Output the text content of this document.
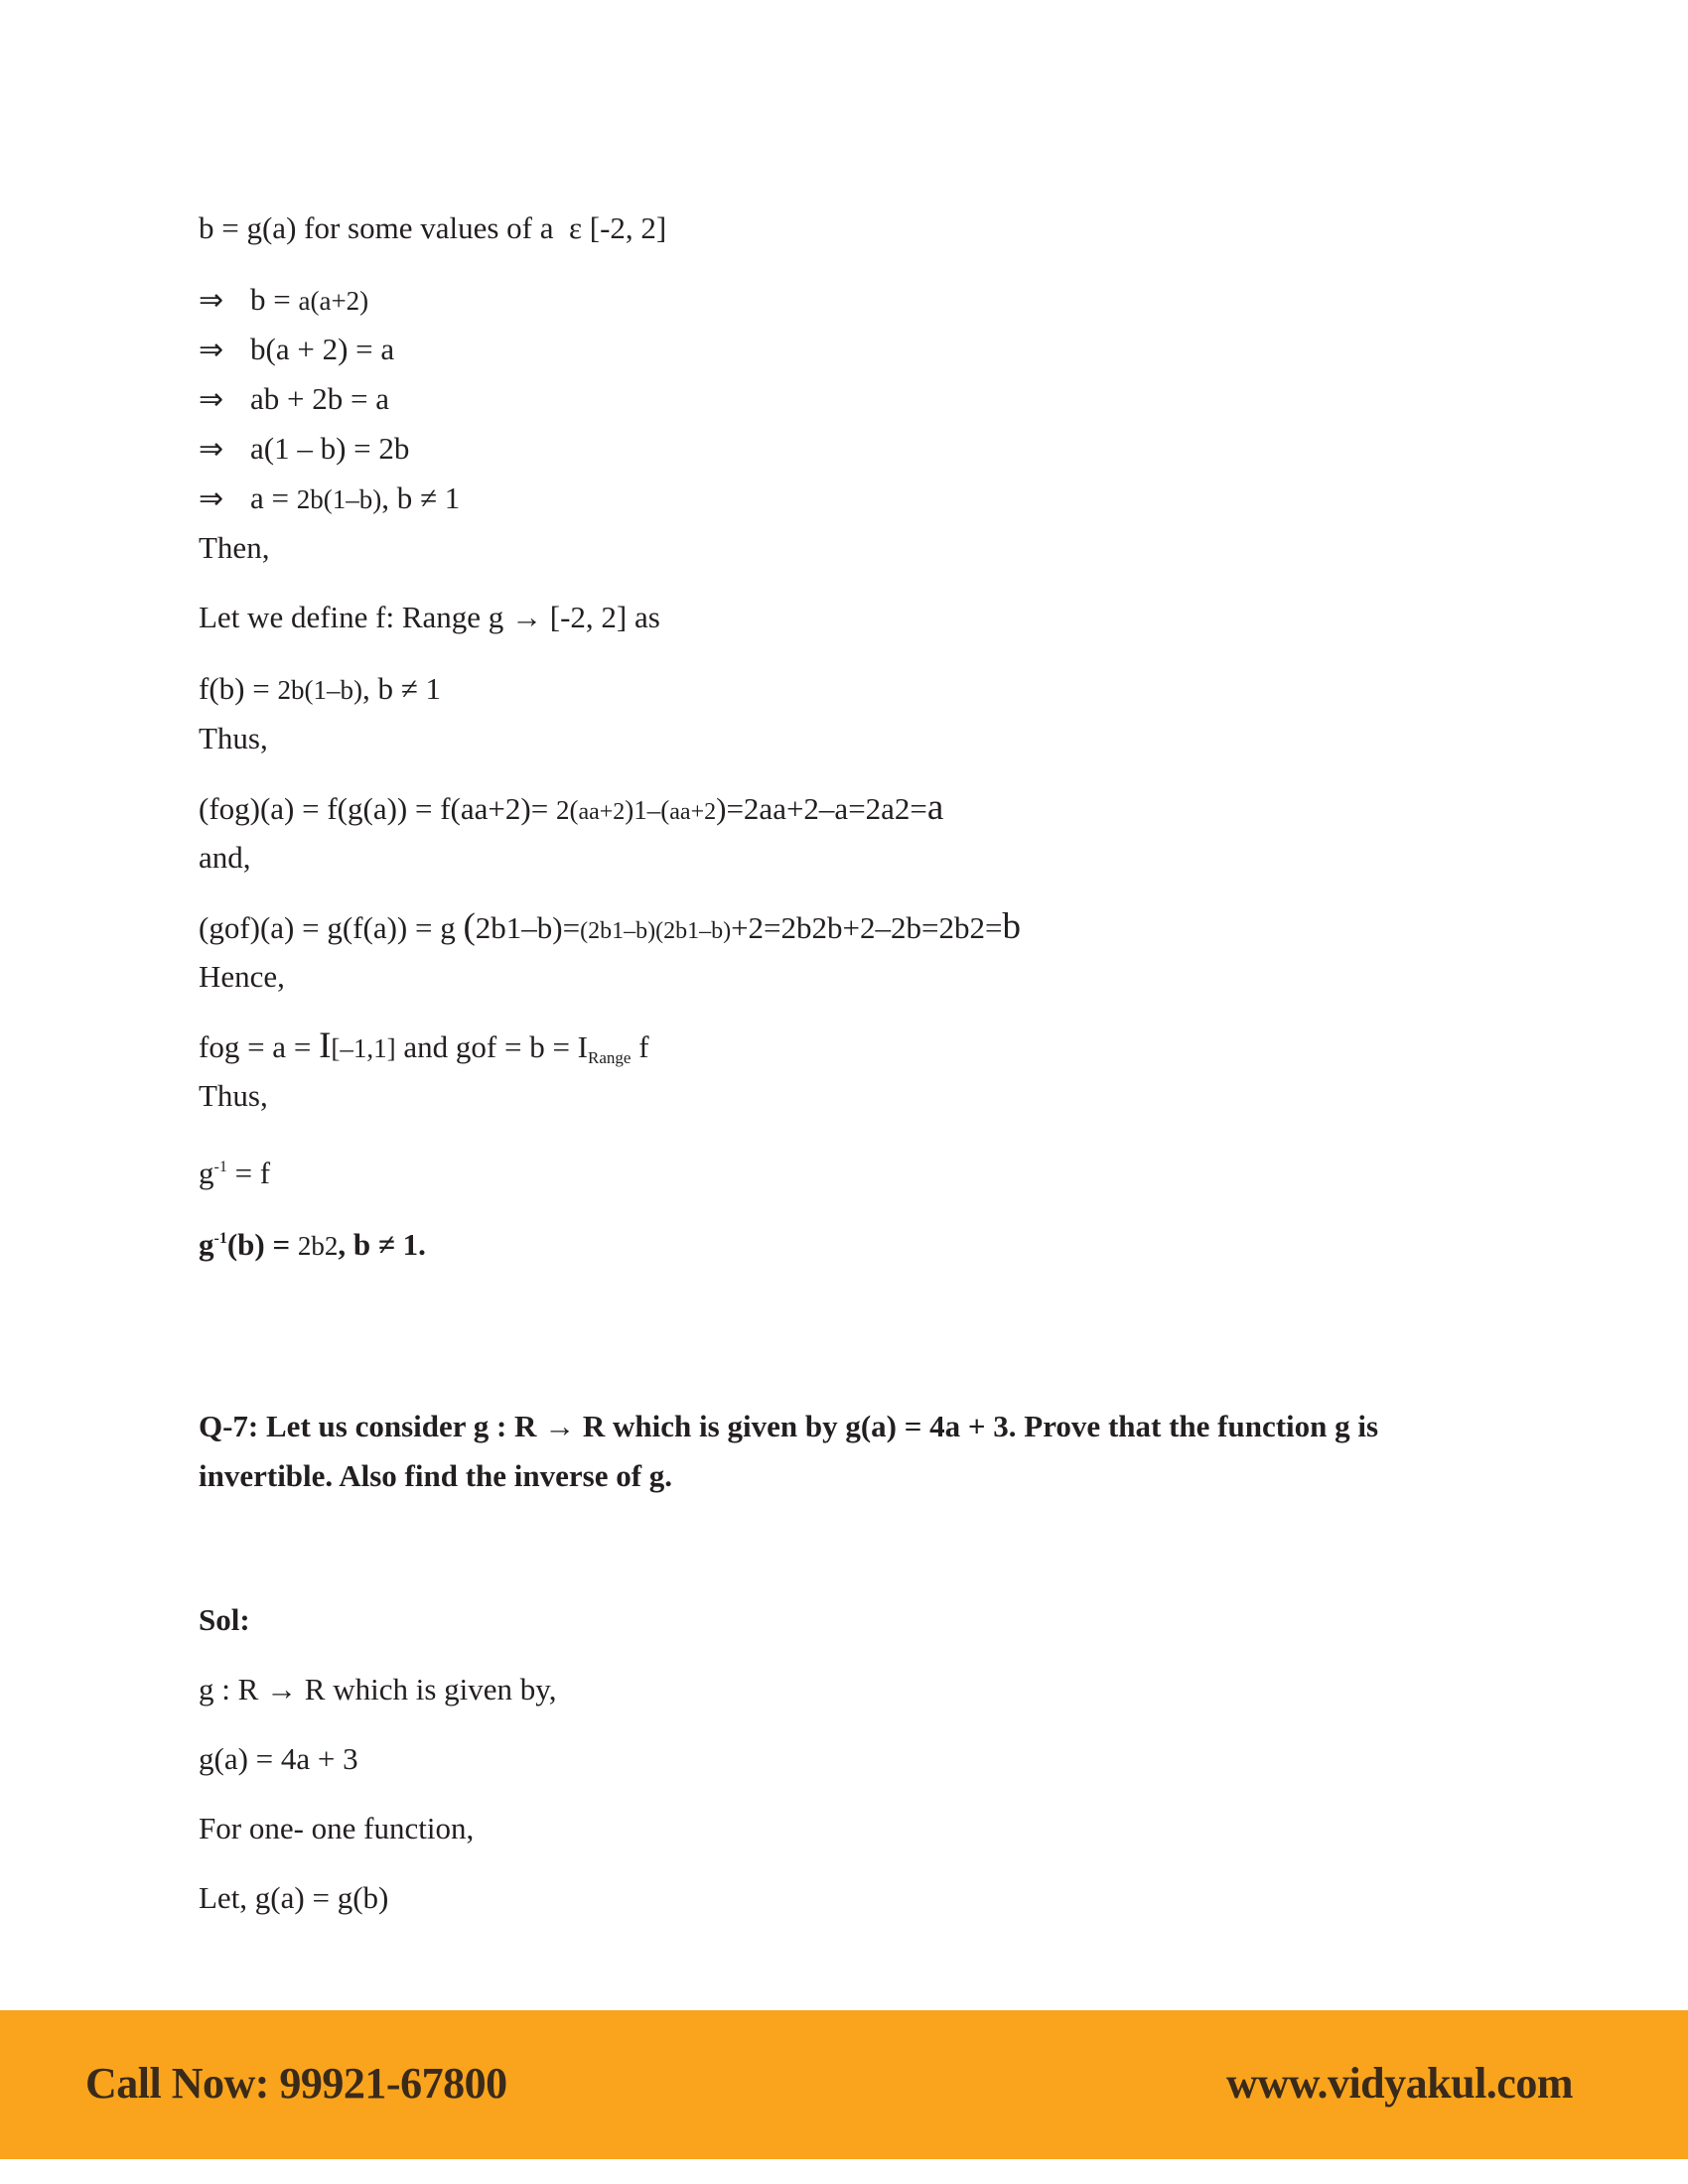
b = g(a) for some values of a  ε [-2, 2]
⇒ b = a(a+2)
⇒ b(a + 2) = a
⇒ ab + 2b = a
⇒ a(1 – b) = 2b
⇒ a = 2b(1–b), b ≠ 1
Then,
Let we define f: Range g → [-2, 2] as
f(b) = 2b(1–b), b ≠ 1
Thus,
(fog)(a) = f(g(a)) = f(aa+2)= 2(aa+2)1–(aa+2)=2aa+2–a=2a2=a
and,
(gof)(a) = g(f(a)) = g (2b1–b)=(2b1–b)(2b1–b)+2=2b2b+2–2b=2b2=b
Hence,
fog = a = I[–1,1] and gof = $b = I_{Range}$ f
Thus,
$g^{-1} = f$
$g^{-1}(b) = 2b2$, b ≠ 1.
Q-7: Let us consider g : R → R which is given by g(a) = 4a + 3. Prove that the function g is invertible. Also find the inverse of g.
Sol:
g : R → R which is given by,
g(a) = 4a + 3
For one- one function,
Let, g(a) = g(b)
Call Now: 99921-67800	www.vidyakul.com
